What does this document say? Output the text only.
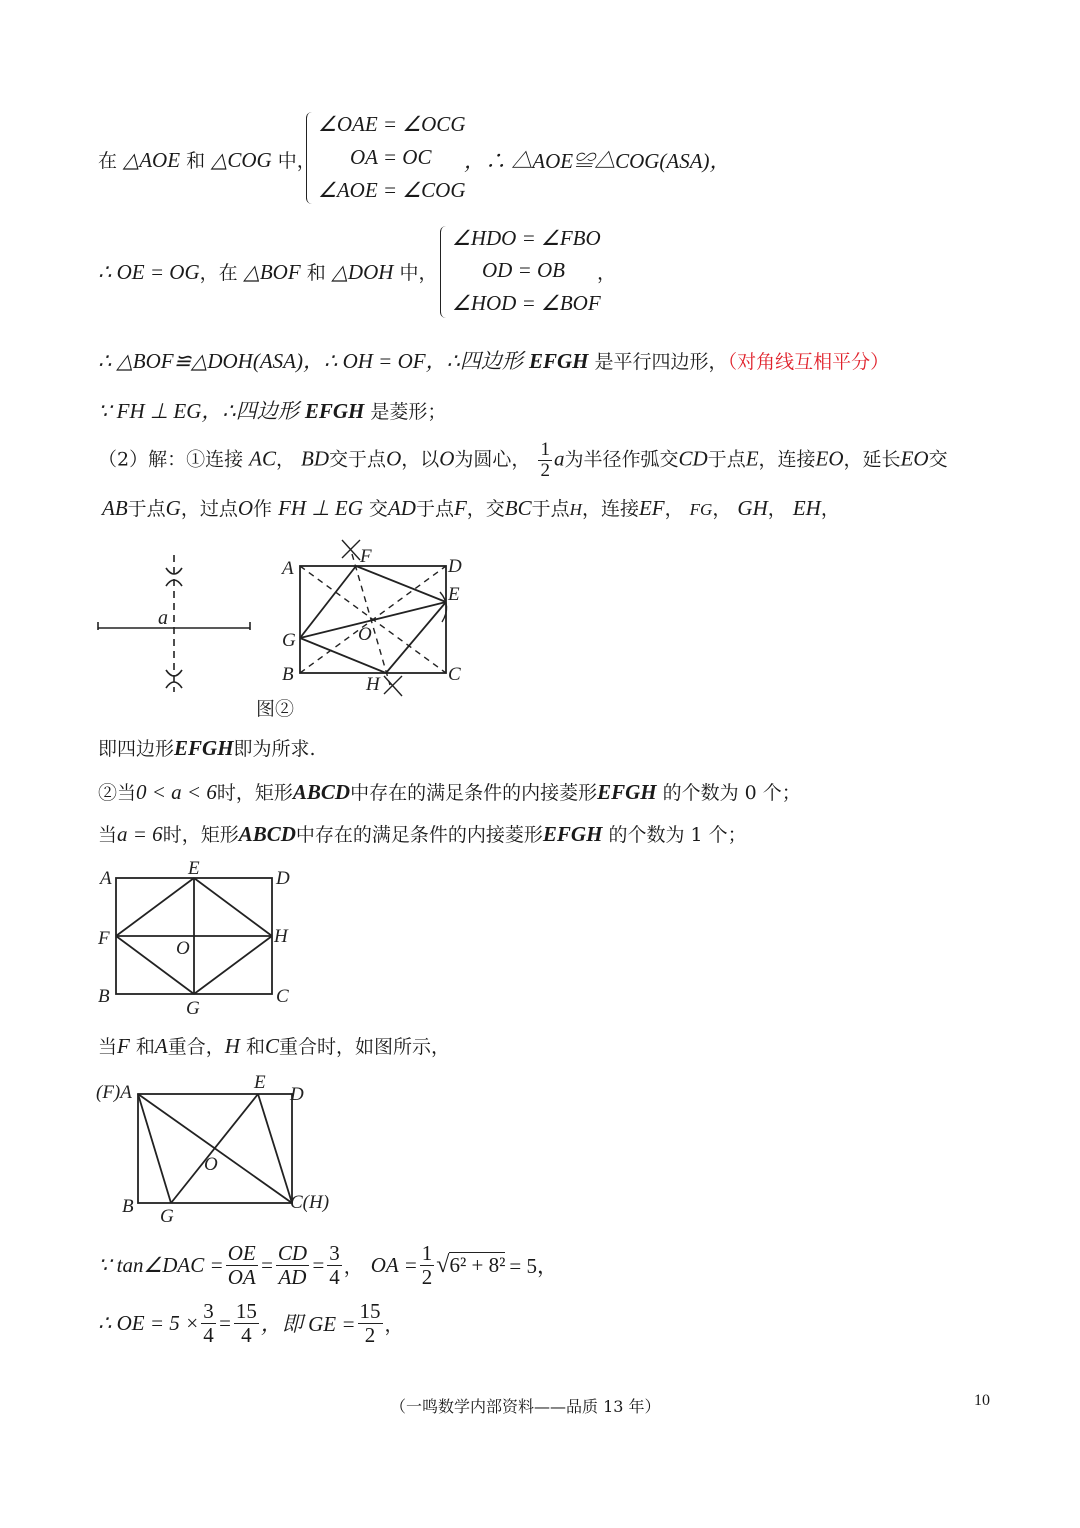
在 △AOE 和 △COG 中，
∠OAE = ∠OCG
OA = OC
∠AOE = ∠COG
，∴ △AOE≌△COG(ASA)，
∴ OE = OG，在 △BOF 和 △DOH 中，
∠HDO = ∠FBO
OD = OB
∠HOD = ∠BOF
，
∴ △BOF≌△DOH(ASA)，∴ OH = OF，∴四边形 EFGH 是平行四边形，（对角线互相平分）
∵ FH ⊥ EG，∴四边形 EFGH 是菱形；
（2）解：①连接 AC， BD交于点O，以O为圆心， $\frac{1}{2}$ a为半径作弧交CD于点E，连接EO，延长EO交
AB于点G，过点O作 FH ⊥ EG 交AD于点F，交BC于点H，连接EF， FG， GH， EH，
a
A	D
E
F
G	O
B	C
H
图②
即四边形EFGH即为所求.
②当0 < a < 6时，矩形ABCD中存在的满足条件的内接菱形EFGH 的个数为 0 个；
当a = 6时，矩形ABCD中存在的满足条件的内接菱形EFGH 的个数为 1 个；
A	E	D
F	H
O
B
G
C
当F 和A重合，H 和C重合时，如图所示，
(F)A	E
D
O
B G
C(H)
∵ tan∠DAC = $\frac{OE}{OA} = \frac{CD}{AD} = \frac{3}{4}$ ， OA = $\frac{1}{2}$ √ 6² + 8² = 5，
∴ OE = $5 \times \frac{3}{4} = \frac{15}{4}$ ，即 GE = $\frac{15}{2}$ ，
（一鸣数学内部资料——品质 13 年）	10
